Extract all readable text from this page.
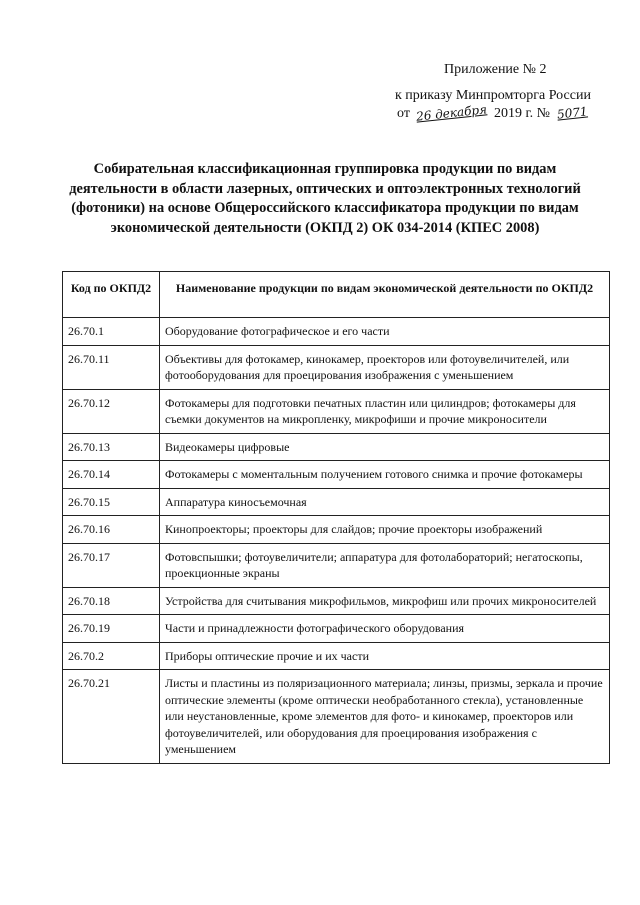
Приложение № 2
к приказу Минпромторга России
от 26 декабря 2019 г. № 5071
Собирательная классификационная группировка продукции по видам деятельности в области лазерных, оптических и оптоэлектронных технологий (фотоники) на основе Общероссийского классификатора продукции по видам экономической деятельности (ОКПД 2) ОК 034-2014 (КПЕС 2008)
Код по ОКПД2	Наименование продукции по видам экономической деятельности по ОКПД2
26.70.1	Оборудование фотографическое и его части
26.70.11	Объективы для фотокамер, кинокамер, проекторов или фотоувеличителей, или фотооборудования для проецирования изображения с уменьшением
26.70.12	Фотокамеры для подготовки печатных пластин или цилиндров; фотокамеры для съемки документов на микропленку, микрофиши и прочие микроносители
26.70.13	Видеокамеры цифровые
26.70.14	Фотокамеры с моментальным получением готового снимка и прочие фотокамеры
26.70.15	Аппаратура киносъемочная
26.70.16	Кинопроекторы; проекторы для слайдов; прочие проекторы изображений
26.70.17	Фотовспышки; фотоувеличители; аппаратура для фотолабораторий; негатоскопы, проекционные экраны
26.70.18	Устройства для считывания микрофильмов, микрофиш или прочих микроносителей
26.70.19	Части и принадлежности фотографического оборудования
26.70.2	Приборы оптические прочие и их части
26.70.21	Листы и пластины из поляризационного материала; линзы, призмы, зеркала и прочие оптические элементы (кроме оптически необработанного стекла), установленные или неустановленные, кроме элементов для фото- и кинокамер, проекторов или фотоувеличителей, или оборудования для проецирования изображения с уменьшением
